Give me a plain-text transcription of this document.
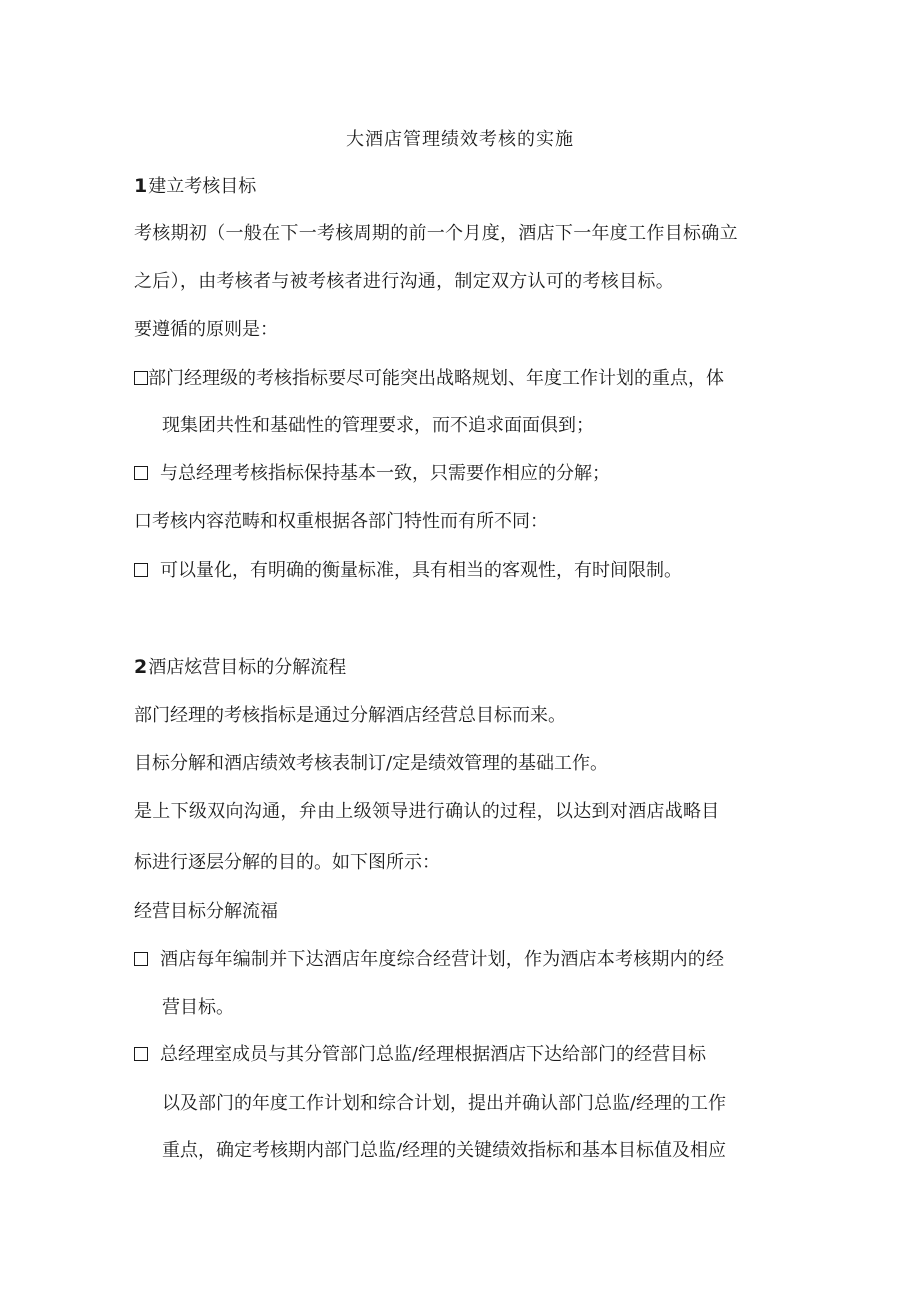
大酒店管理绩效考核的实施
1建立考核目标
考核期初（一般在下一考核周期的前一个月度，酒店下一年度工作目标确立
之后），由考核者与被考核者进行沟通，制定双方认可的考核目标。
要遵循的原则是：
部门经理级的考核指标要尽可能突出战略规划、年度工作计划的重点，体
现集团共性和基础性的管理要求，而不追求面面俱到；
与总经理考核指标保持基本一致，只需要作相应的分解；
口考核内容范畴和权重根据各部门特性而有所不同：
可以量化，有明确的衡量标准，具有相当的客观性，有时间限制。
2酒店炫营目标的分解流程
部门经理的考核指标是通过分解酒店经营总目标而来。
目标分解和酒店绩效考核表制订/定是绩效管理的基础工作。
是上下级双向沟通，弁由上级领导进行确认的过程，以达到对酒店战略目
标进行逐层分解的目的。如下图所示：
经营目标分解流福
酒店每年编制并下达酒店年度综合经营计划，作为酒店本考核期内的经
营目标。
总经理室成员与其分管部门总监/经理根据酒店下达给部门的经营目标
以及部门的年度工作计划和综合计划，提出并确认部门总监/经理的工作
重点，确定考核期内部门总监/经理的关键绩效指标和基本目标值及相应
